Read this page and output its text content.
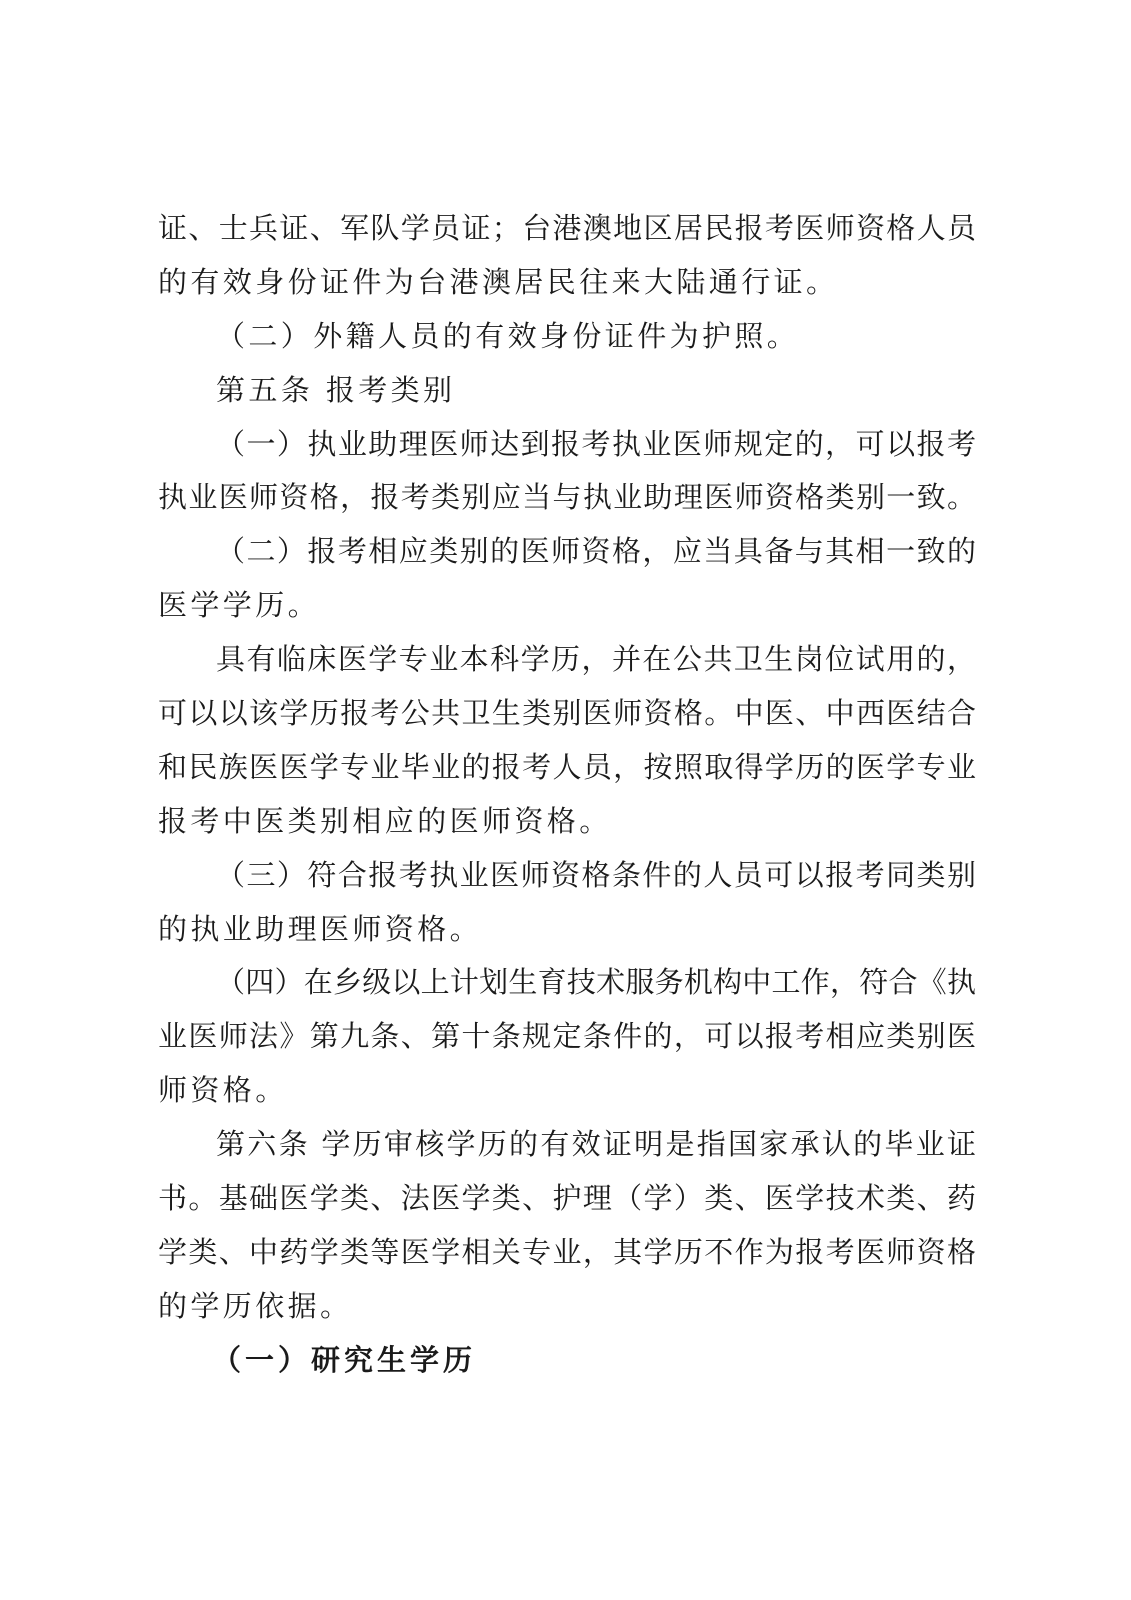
证、士兵证、军队学员证；台港澳地区居民报考医师资格人员
的有效身份证件为台港澳居民往来大陆通行证。
（二）外籍人员的有效身份证件为护照。
第五条 报考类别
（一）执业助理医师达到报考执业医师规定的，可以报考
执业医师资格，报考类别应当与执业助理医师资格类别一致。
（二）报考相应类别的医师资格，应当具备与其相一致的
医学学历。
具有临床医学专业本科学历，并在公共卫生岗位试用的，
可以以该学历报考公共卫生类别医师资格。中医、中西医结合
和民族医医学专业毕业的报考人员，按照取得学历的医学专业
报考中医类别相应的医师资格。
（三）符合报考执业医师资格条件的人员可以报考同类别
的执业助理医师资格。
（四）在乡级以上计划生育技术服务机构中工作，符合《执
业医师法》第九条、第十条规定条件的，可以报考相应类别医
师资格。
第六条 学历审核学历的有效证明是指国家承认的毕业证
书。基础医学类、法医学类、护理（学）类、医学技术类、药
学类、中药学类等医学相关专业，其学历不作为报考医师资格
的学历依据。
（一）研究生学历
